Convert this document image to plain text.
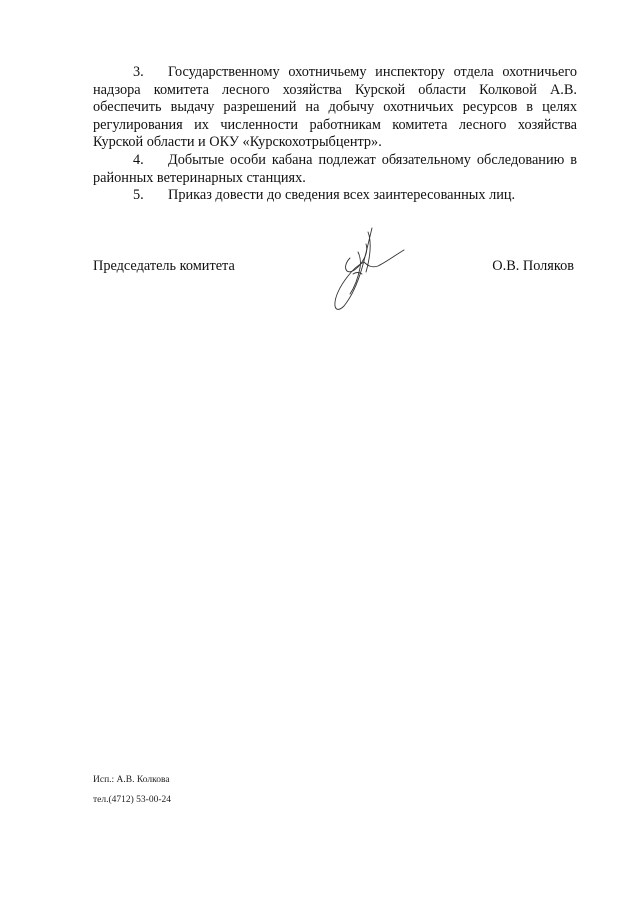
3. Государственному охотничьему инспектору отдела охотничьего надзора комитета лесного хозяйства Курской области Колковой А.В. обеспечить выдачу разрешений на добычу охотничьих ресурсов в целях регулирования их численности работникам комитета лесного хозяйства Курской области и ОКУ «Курскохотрыбцентр».

4. Добытые особи кабана подлежат обязательному обследованию в районных ветеринарных станциях.

5. Приказ довести до сведения всех заинтересованных лиц.

Председатель комитета	О.В. Поляков
Исп.: А.В. Колкова
тел.(4712) 53-00-24
